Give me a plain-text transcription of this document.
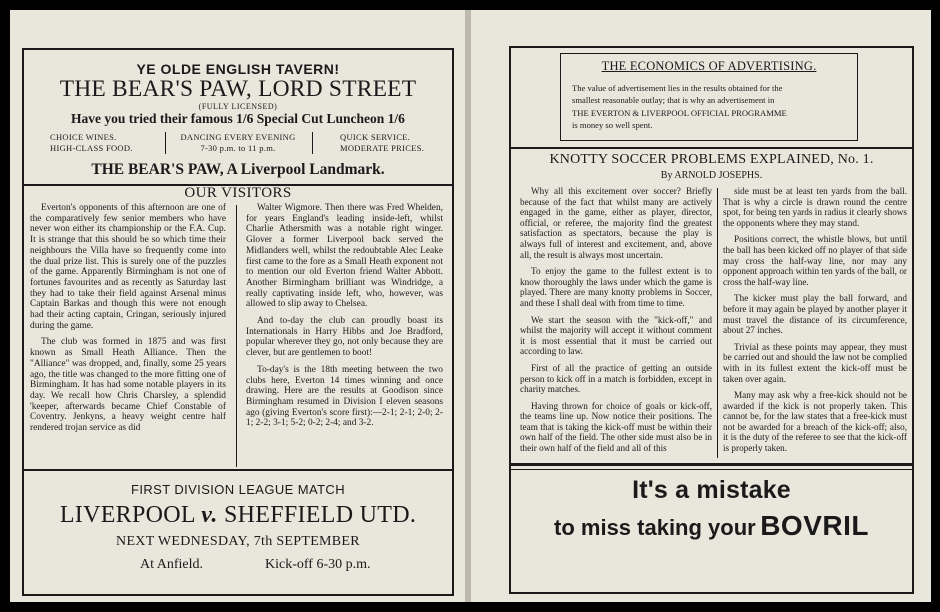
YE OLDE ENGLISH TAVERN!
THE BEAR'S PAW, LORD STREET
(FULLY LICENSED)
Have you tried their famous 1/6 Special Cut Luncheon 1/6
CHOICE WINES.
HIGH-CLASS FOOD.
DANCING EVERY EVENING
7-30 p.m. to 11 p.m.
QUICK SERVICE.
MODERATE PRICES.
THE BEAR'S PAW, A Liverpool Landmark.
OUR VISITORS

Everton's opponents of this afternoon are one of the comparatively few senior members who have never won either its championship or the F.A. Cup. It is strange that this should be so which time their neighbours the Villa have so frequently come into the dual prize list. This is surely one of the puzzles of the game. Apparently Birmingham is not one of fortunes favourites and as recently as Saturday last they had to take their field against Arsenal minus Captain Barkas and though this were not enough had their acting captain, Cringan, seriously injured during the game.

The club was formed in 1875 and was first known as Small Heath Alliance. Then the "Alliance" was dropped, and, finally, some 25 years ago, the title was changed to the more fitting one of Birmingham. It has had some notable players in its day. We recall how Chris Charsley, a splendid 'keeper, afterwards became Chief Constable of Coventry. Jenkyns, a heavy weight centre half rendered trojan service as did

Walter Wigmore. Then there was Fred Whelden, for years England's leading inside-left, whilst Charlie Athersmith was a notable right winger. Glover a former Liverpool back served the Midlanders well, whilst the redoubtable Alec Leake first came to the fore as a Small Heath exponent not to mention our old Everton friend Walter Abbott. Another Birmingham brilliant was Windridge, a really captivating inside left, who, however, was allowed to slip away to Chelsea.

And to-day the club can proudly boast its Internationals in Harry Hibbs and Joe Bradford, popular wherever they go, not only because they are clever, but are gentlemen to boot!

To-day's is the 18th meeting between the two clubs here, Everton 14 times winning and once drawing. Here are the results at Goodison since Birmingham resumed in Division I eleven seasons ago (giving Everton's score first):—2-1; 2-1; 2-0; 2-1; 2-2; 3-1; 5-2; 0-2; 2-4; and 3-2.

FIRST DIVISION LEAGUE MATCH
LIVERPOOL v. SHEFFIELD UTD.
NEXT WEDNESDAY, 7th SEPTEMBER
At Anfield.	Kick-off 6-30 p.m.
THE ECONOMICS OF ADVERTISING.
The value of advertisement lies in the results obtained for the
smallest reasonable outlay; that is why an advertisement in
THE EVERTON & LIVERPOOL OFFICIAL PROGRAMME
is money so well spent.
KNOTTY SOCCER PROBLEMS EXPLAINED, No. 1.
By ARNOLD JOSEPHS.

Why all this excitement over soccer? Briefly because of the fact that whilst many are actively engaged in the game, either as player, director, official, or referee, the majority find the greatest satisfaction as spectators, because the play is always full of interest and excitement, and, above all, the result is always most uncertain.

To enjoy the game to the fullest extent is to know thoroughly the laws under which the game is played. There are many knotty problems in Soccer, and these I shall deal with from time to time.

We start the season with the "kick-off," and whilst the majority will accept it without comment it is most essential that it must be carried out according to law.

First of all the practice of getting an outside person to kick off in a match is forbidden, except in charity matches.

Having thrown for choice of goals or kick-off, the teams line up. Now notice their positions. The team that is taking the kick-off must be within their own half of the field. The other side must also be in their own half of the field and all of this

side must be at least ten yards from the ball. That is why a circle is drawn round the centre spot, for being ten yards in radius it clearly shows the opponents where they may stand.

Positions correct, the whistle blows, but until the ball has been kicked off no player of that side may cross the half-way line, nor may any opponent approach within ten yards of the ball, or cross the half-way line.

The kicker must play the ball forward, and before it may again be played by another player it must travel the distance of its circumference, about 27 inches.

Trivial as these points may appear, they must be carried out and should the law not be complied with in its fullest extent the kick-off must be taken over again.

Many may ask why a free-kick should not be awarded if the kick is not properly taken. This cannot be, for the law states that a free-kick must not be awarded for a breach of the kick-off; also, it is the duty of the referee to see that the kick-off is properly taken.

It's a mistake
to miss taking your BOVRIL
